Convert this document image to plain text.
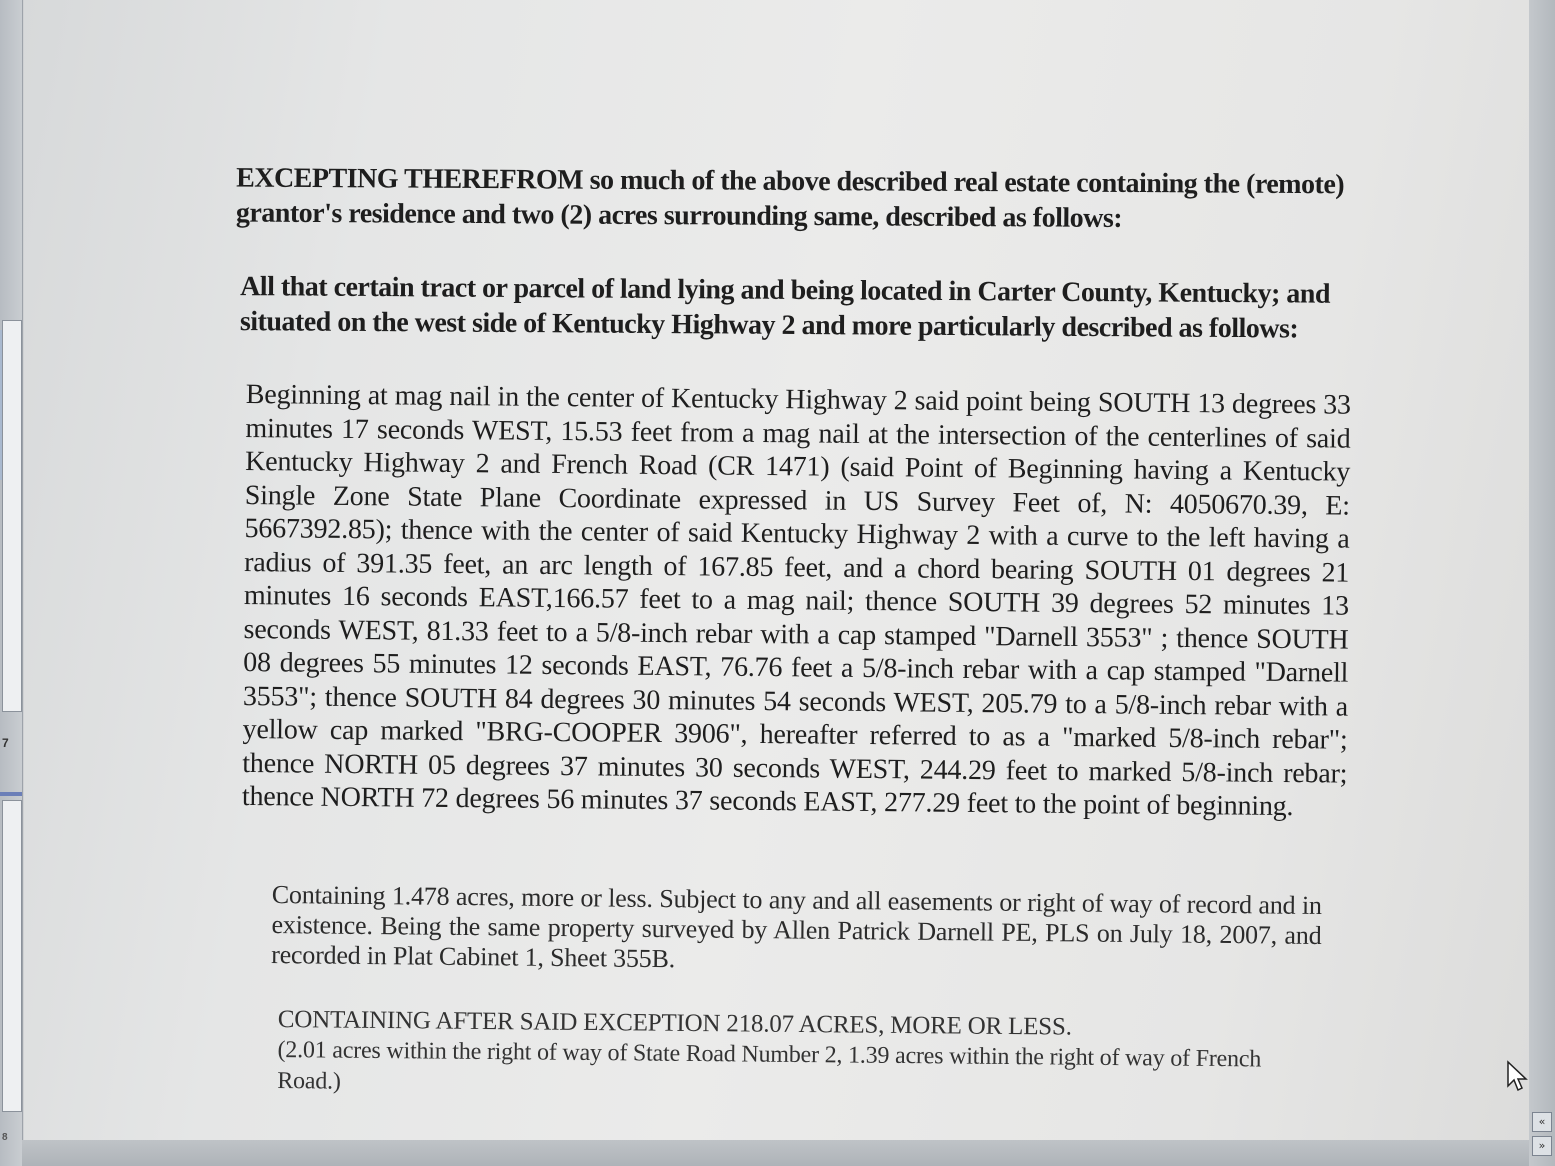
7
8
EXCEPTING THEREFROM so much of the above described real estate containing the (remote) grantor's residence and two (2) acres surrounding same, described as follows:
All that certain tract or parcel of land lying and being located in Carter County, Kentucky; and situated on the west side of Kentucky Highway 2 and more particularly described as follows:
Beginning at mag nail in the center of Kentucky Highway 2 said point being SOUTH 13 degrees 33 minutes 17 seconds WEST, 15.53 feet from a mag nail at the intersection of the centerlines of said Kentucky Highway 2 and French Road (CR 1471) (said Point of Beginning having a Kentucky Single Zone State Plane Coordinate expressed in US Survey Feet of, N: 4050670.39, E: 5667392.85); thence with the center of said Kentucky Highway 2 with a curve to the left having a radius of 391.35 feet, an arc length of 167.85 feet, and a chord bearing SOUTH 01 degrees 21 minutes 16 seconds EAST,166.57 feet to a mag nail; thence SOUTH 39 degrees 52 minutes 13 seconds WEST, 81.33 feet to a 5/8-inch rebar with a cap stamped "Darnell 3553" ; thence SOUTH 08 degrees 55 minutes 12 seconds EAST, 76.76 feet a 5/8-inch rebar with a cap stamped "Darnell 3553"; thence SOUTH 84 degrees 30 minutes 54 seconds WEST, 205.79 to a 5/8-inch rebar with a yellow cap marked "BRG-COOPER 3906", hereafter referred to as a "marked 5/8-inch rebar"; thence NORTH 05 degrees 37 minutes 30 seconds WEST, 244.29 feet to marked 5/8-inch rebar; thence NORTH 72 degrees 56 minutes 37 seconds EAST, 277.29 feet to the point of beginning.
Containing 1.478 acres, more or less. Subject to any and all easements or right of way of record and in existence. Being the same property surveyed by Allen Patrick Darnell PE, PLS on July 18, 2007, and recorded in Plat Cabinet 1, Sheet 355B.
CONTAINING AFTER SAID EXCEPTION 218.07 ACRES, MORE OR LESS.
(2.01 acres within the right of way of State Road Number 2, 1.39 acres within the right of way of French Road.)
«
»
